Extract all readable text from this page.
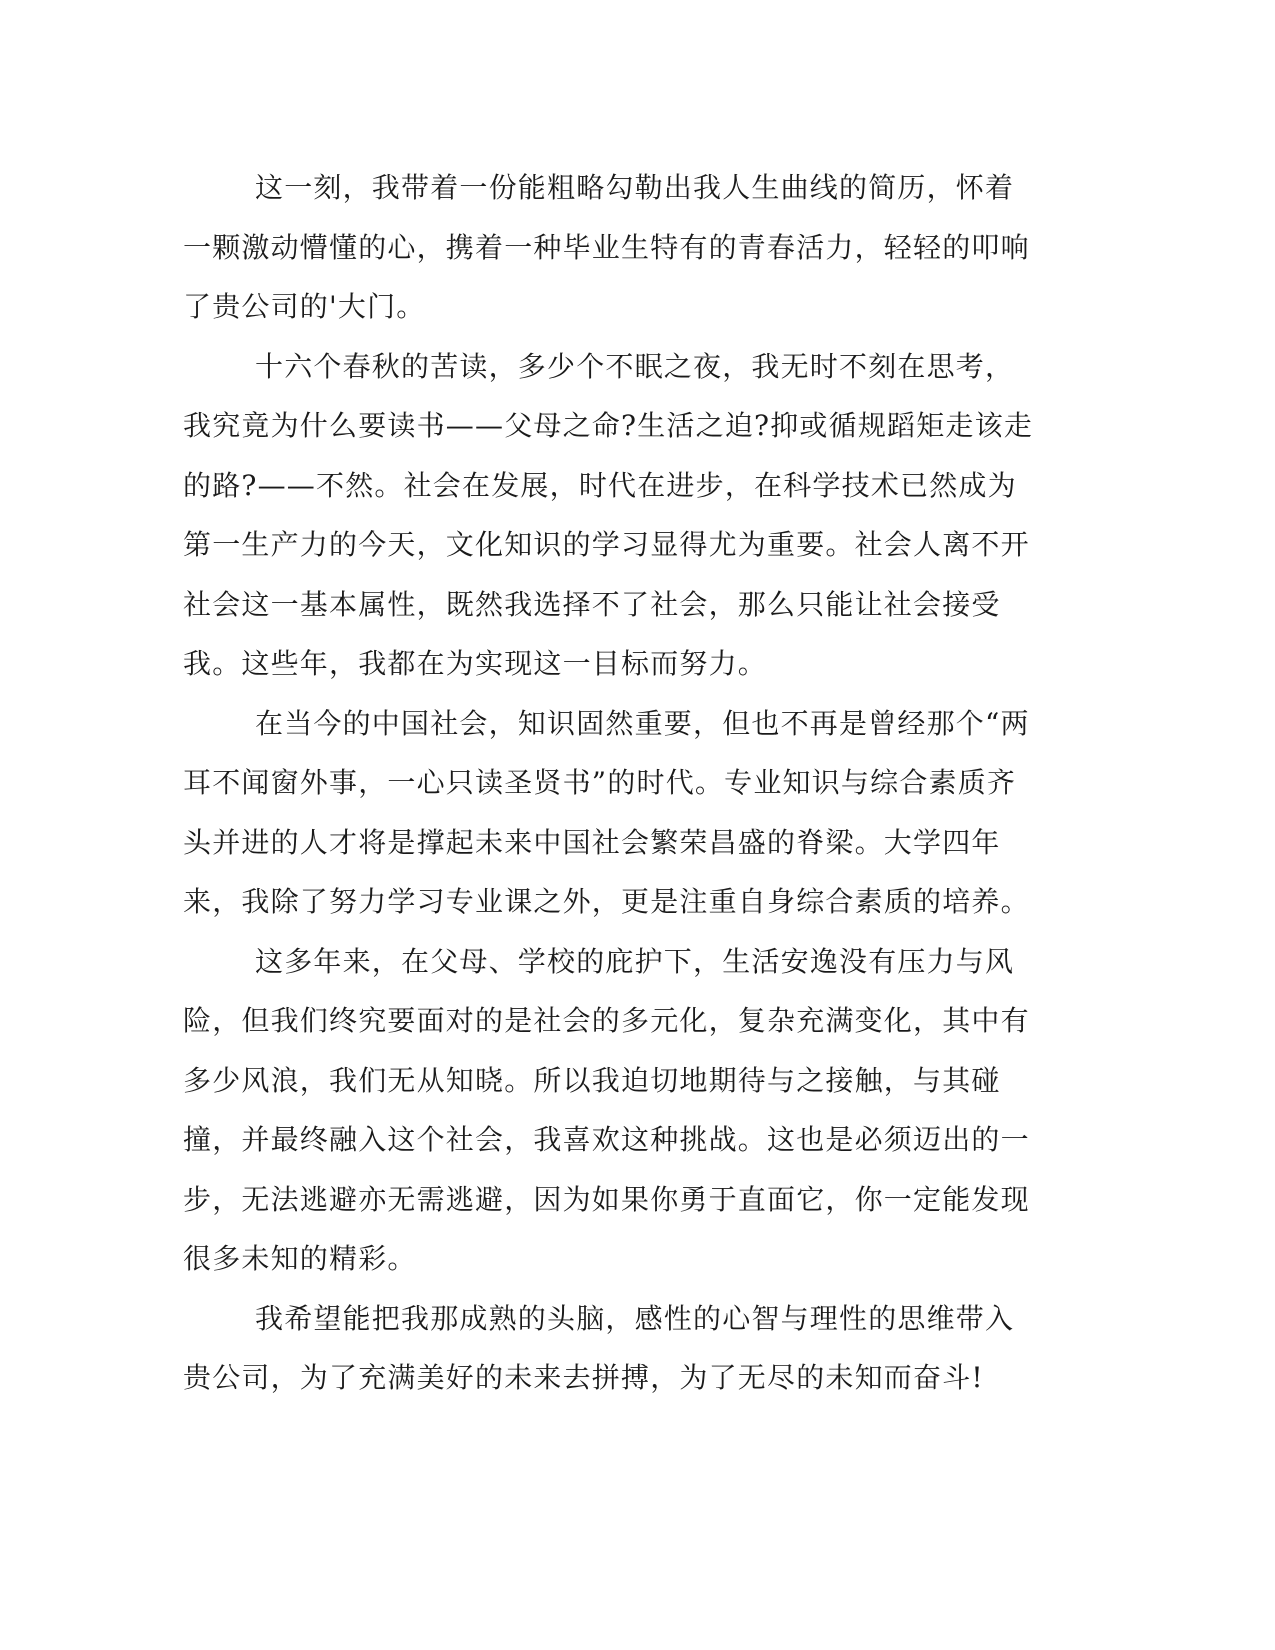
这一刻，我带着一份能粗略勾勒出我人生曲线的简历，怀着一颗激动懵懂的心，携着一种毕业生特有的青春活力，轻轻的叩响了贵公司的'大门。

十六个春秋的苦读，多少个不眠之夜，我无时不刻在思考，我究竟为什么要读书——父母之命?生活之迫?抑或循规蹈矩走该走的路?——不然。社会在发展，时代在进步，在科学技术已然成为第一生产力的今天，文化知识的学习显得尤为重要。社会人离不开社会这一基本属性，既然我选择不了社会，那么只能让社会接受我。这些年，我都在为实现这一目标而努力。

在当今的中国社会，知识固然重要，但也不再是曾经那个“两耳不闻窗外事，一心只读圣贤书”的时代。专业知识与综合素质齐头并进的人才将是撑起未来中国社会繁荣昌盛的脊梁。大学四年来，我除了努力学习专业课之外，更是注重自身综合素质的培养。

这多年来，在父母、学校的庇护下，生活安逸没有压力与风险，但我们终究要面对的是社会的多元化，复杂充满变化，其中有多少风浪，我们无从知晓。所以我迫切地期待与之接触，与其碰撞，并最终融入这个社会，我喜欢这种挑战。这也是必须迈出的一步，无法逃避亦无需逃避，因为如果你勇于直面它，你一定能发现很多未知的精彩。

我希望能把我那成熟的头脑，感性的心智与理性的思维带入贵公司，为了充满美好的未来去拼搏，为了无尽的未知而奋斗!
